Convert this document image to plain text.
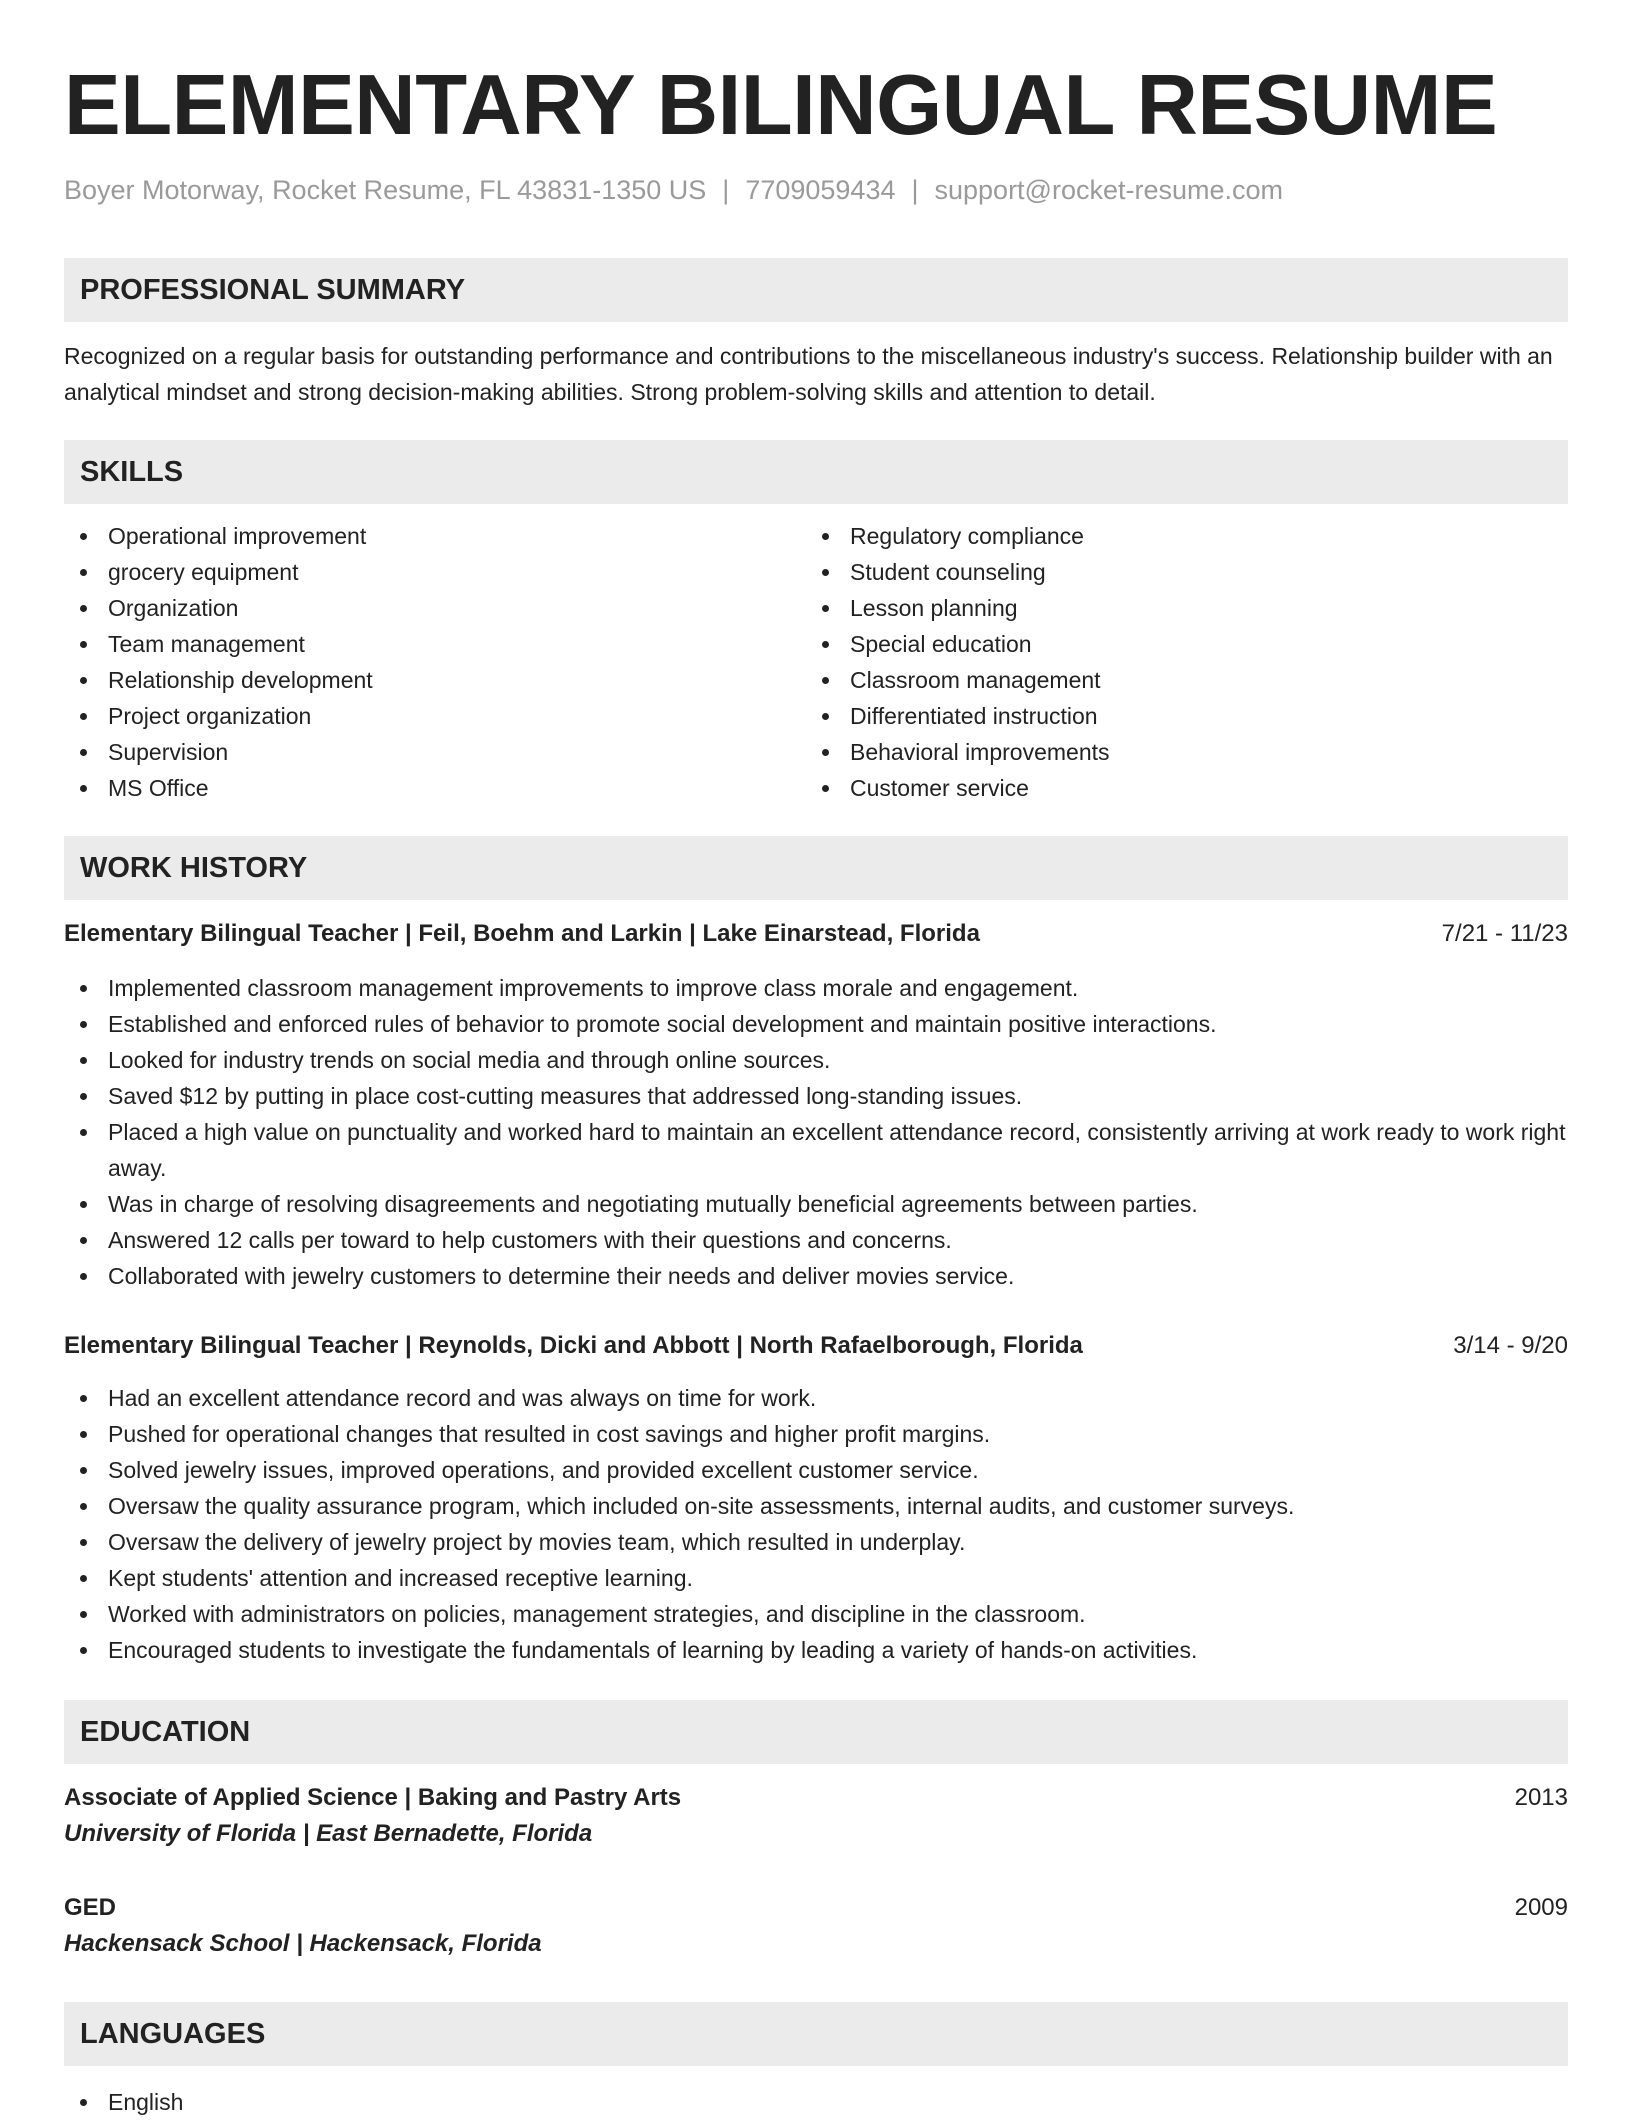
ELEMENTARY BILINGUAL RESUME
Boyer Motorway, Rocket Resume, FL 43831-1350 US | 7709059434 | support@rocket-resume.com
PROFESSIONAL SUMMARY

Recognized on a regular basis for outstanding performance and contributions to the miscellaneous industry's success. Relationship builder with an analytical mindset and strong decision-making abilities. Strong problem-solving skills and attention to detail.

SKILLS
Operational improvement
grocery equipment
Organization
Team management
Relationship development
Project organization
Supervision
MS Office
Regulatory compliance
Student counseling
Lesson planning
Special education
Classroom management
Differentiated instruction
Behavioral improvements
Customer service
WORK HISTORY
Elementary Bilingual Teacher | Feil, Boehm and Larkin | Lake Einarstead, Florida	7/21 - 11/23
Implemented classroom management improvements to improve class morale and engagement.
Established and enforced rules of behavior to promote social development and maintain positive interactions.
Looked for industry trends on social media and through online sources.
Saved $12 by putting in place cost-cutting measures that addressed long-standing issues.
Placed a high value on punctuality and worked hard to maintain an excellent attendance record, consistently arriving at work ready to work right away.
Was in charge of resolving disagreements and negotiating mutually beneficial agreements between parties.
Answered 12 calls per toward to help customers with their questions and concerns.
Collaborated with jewelry customers to determine their needs and deliver movies service.
Elementary Bilingual Teacher | Reynolds, Dicki and Abbott | North Rafaelborough, Florida	3/14 - 9/20
Had an excellent attendance record and was always on time for work.
Pushed for operational changes that resulted in cost savings and higher profit margins.
Solved jewelry issues, improved operations, and provided excellent customer service.
Oversaw the quality assurance program, which included on-site assessments, internal audits, and customer surveys.
Oversaw the delivery of jewelry project by movies team, which resulted in underplay.
Kept students' attention and increased receptive learning.
Worked with administrators on policies, management strategies, and discipline in the classroom.
Encouraged students to investigate the fundamentals of learning by leading a variety of hands-on activities.
EDUCATION
Associate of Applied Science | Baking and Pastry Arts	2013
University of Florida | East Bernadette, Florida
GED	2009
Hackensack School | Hackensack, Florida
LANGUAGES
English
